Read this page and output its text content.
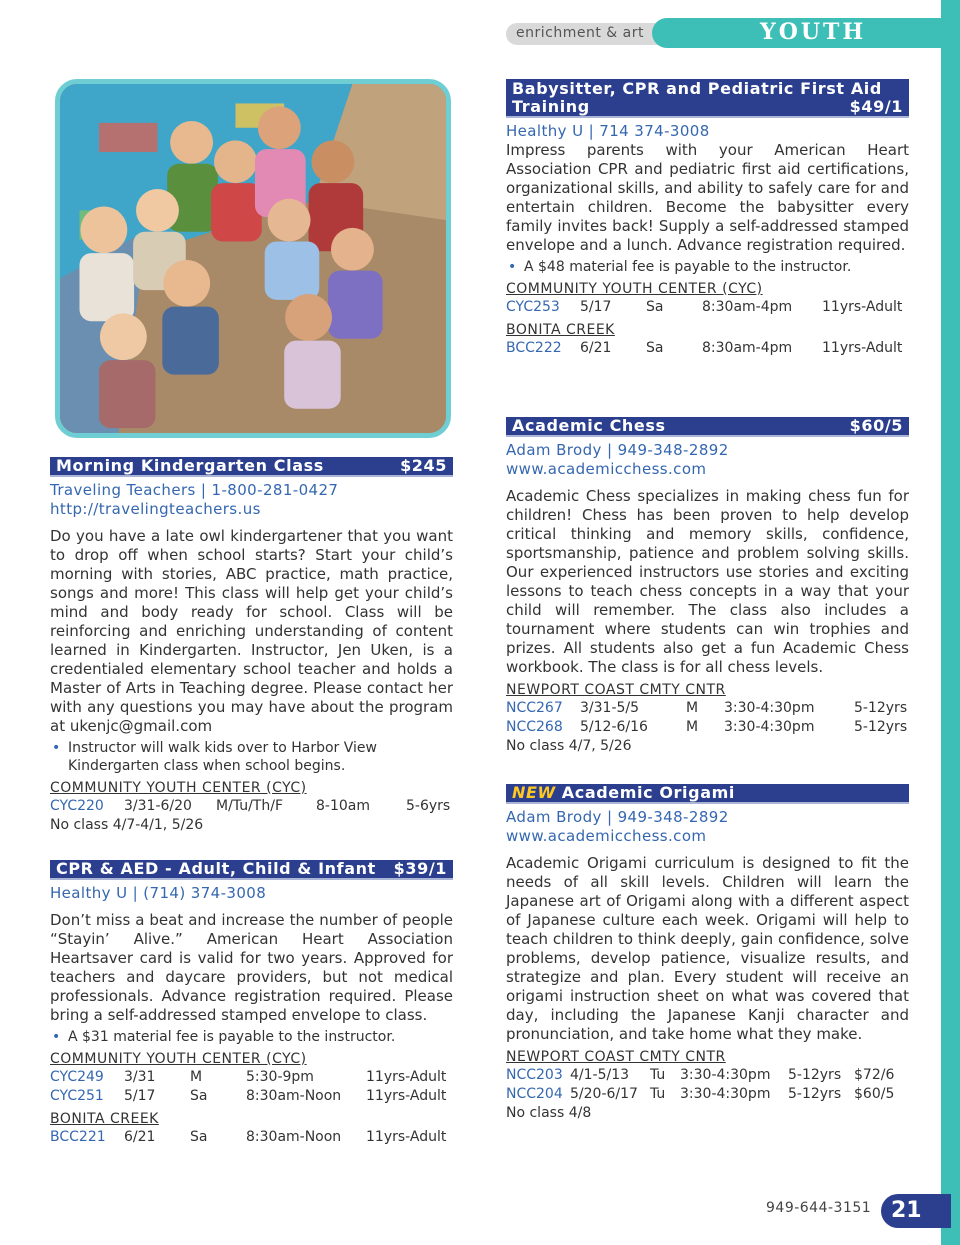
enrichment & art	YOUTH
Morning Kindergarten Class	$245
Traveling Teachers | 1-800-281-0427
http://travelingteachers.us
Do you have a late owl kindergartener that you want to drop off when school starts? Start your child’s morning with stories, ABC practice, math practice, songs and more! This class will help get your child’s mind and body ready for school. Class will be reinforcing and enriching understanding of content learned in Kindergarten. Instructor, Jen Uken, is a credentialed elementary school teacher and holds a Master of Arts in Teaching degree. Please contact her with any questions you may have about the program at ukenjc@gmail.com
• Instructor will walk kids over to Harbor View Kindergarten class when school begins.
COMMUNITY YOUTH CENTER (CYC)
CYC220	3/31-6/20	M/Tu/Th/F	8-10am	5-6yrs
No class 4/7-4/1, 5/26
CPR & AED - Adult, Child & Infant $39/1
Healthy U | (714) 374-3008
Don’t miss a beat and increase the number of people “Stayin’ Alive.” American Heart Association Heartsaver card is valid for two years. Approved for teachers and daycare providers, but not medical professionals. Advance registration required. Please bring a self-addressed stamped envelope to class.
• A $31 material fee is payable to the instructor.
COMMUNITY YOUTH CENTER (CYC)
CYC249	3/31	M	5:30-9pm	11yrs-Adult
CYC251	5/17	Sa	8:30am-Noon	11yrs-Adult
BONITA CREEK
BCC221	6/21	Sa	8:30am-Noon	11yrs-Adult
Babysitter, CPR and Pediatric First Aid
Training	$49/1
Healthy U | 714 374-3008
Impress parents with your American Heart Association CPR and pediatric first aid certifications, organizational skills, and ability to safely care for and entertain children. Become the babysitter every family invites back! Supply a self-addressed stamped envelope and a lunch. Advance registration required.
• A $48 material fee is payable to the instructor.
COMMUNITY YOUTH CENTER (CYC)
CYC253	5/17	Sa	8:30am-4pm	11yrs-Adult
BONITA CREEK
BCC222	6/21	Sa	8:30am-4pm	11yrs-Adult
Academic Chess	$60/5
Adam Brody | 949-348-2892
www.academicchess.com
Academic Chess specializes in making chess fun for children! Chess has been proven to help develop critical thinking and memory skills, confidence, sportsmanship, patience and problem solving skills. Our experienced instructors use stories and exciting lessons to teach chess concepts in a way that your child will remember. The class also includes a tournament where students can win trophies and prizes. All students also get a fun Academic Chess workbook. The class is for all chess levels.
NEWPORT COAST CMTY CNTR
NCC267	3/31-5/5	M	3:30-4:30pm	5-12yrs
NCC268	5/12-6/16	M	3:30-4:30pm	5-12yrs
No class 4/7, 5/26
NEW Academic Origami
Adam Brody | 949-348-2892
www.academicchess.com
Academic Origami curriculum is designed to fit the needs of all skill levels. Children will learn the Japanese art of Origami along with a different aspect of Japanese culture each week. Origami will help to teach children to think deeply, gain confidence, solve problems, develop patience, visualize results, and strategize and plan. Every student will receive an origami instruction sheet on what was covered that day, including the Japanese Kanji character and pronunciation, and take home what they make.
NEWPORT COAST CMTY CNTR
NCC203 4/1-5/13	Tu	3:30-4:30pm	5-12yrs $72/6
NCC204 5/20-6/17 Tu	3:30-4:30pm	5-12yrs $60/5
No class 4/8
949-644-3151 21
